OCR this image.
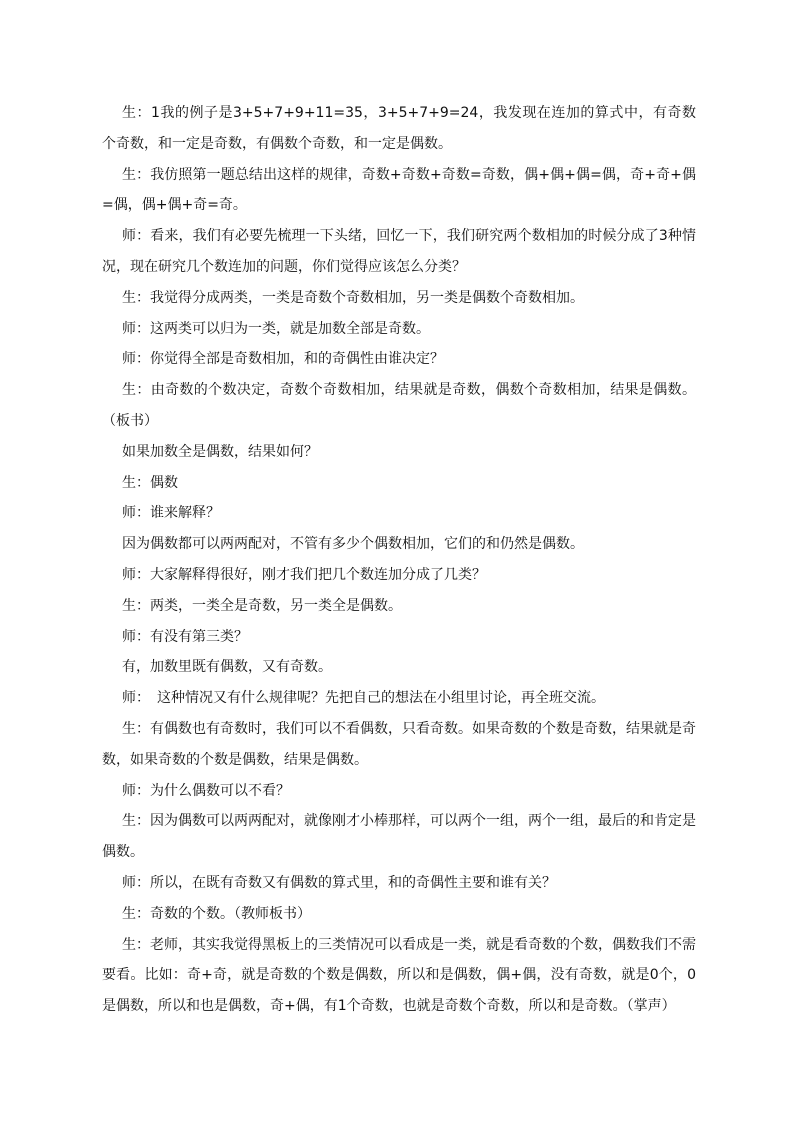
生：1我的例子是3+5+7+9+11=35，3+5+7+9=24，我发现在连加的算式中，有奇数个奇数，和一定是奇数，有偶数个奇数，和一定是偶数。

生：我仿照第一题总结出这样的规律，奇数+奇数+奇数=奇数，偶+偶+偶=偶，奇+奇+偶=偶，偶+偶+奇=奇。

师：看来，我们有必要先梳理一下头绪，回忆一下，我们研究两个数相加的时候分成了3种情况，现在研究几个数连加的问题，你们觉得应该怎么分类？

生：我觉得分成两类，一类是奇数个奇数相加，另一类是偶数个奇数相加。

师：这两类可以归为一类，就是加数全部是奇数。

师：你觉得全部是奇数相加，和的奇偶性由谁决定？

生：由奇数的个数决定，奇数个奇数相加，结果就是奇数，偶数个奇数相加，结果是偶数。（板书）

如果加数全是偶数，结果如何？

生：偶数

师：谁来解释？

因为偶数都可以两两配对，不管有多少个偶数相加，它们的和仍然是偶数。

师：大家解释得很好，刚才我们把几个数连加分成了几类？

生：两类，一类全是奇数，另一类全是偶数。

师：有没有第三类？

有，加数里既有偶数，又有奇数。

师：　这种情况又有什么规律呢？先把自己的想法在小组里讨论，再全班交流。

生：有偶数也有奇数时，我们可以不看偶数，只看奇数。如果奇数的个数是奇数，结果就是奇数，如果奇数的个数是偶数，结果是偶数。

师：为什么偶数可以不看？

生：因为偶数可以两两配对，就像刚才小棒那样，可以两个一组，两个一组，最后的和肯定是偶数。

师：所以，在既有奇数又有偶数的算式里，和的奇偶性主要和谁有关？

生：奇数的个数。（教师板书）

生：老师，其实我觉得黑板上的三类情况可以看成是一类，就是看奇数的个数，偶数我们不需要看。比如：奇+奇，就是奇数的个数是偶数，所以和是偶数，偶+偶，没有奇数，就是0个，0是偶数，所以和也是偶数，奇+偶，有1个奇数，也就是奇数个奇数，所以和是奇数。（掌声）
